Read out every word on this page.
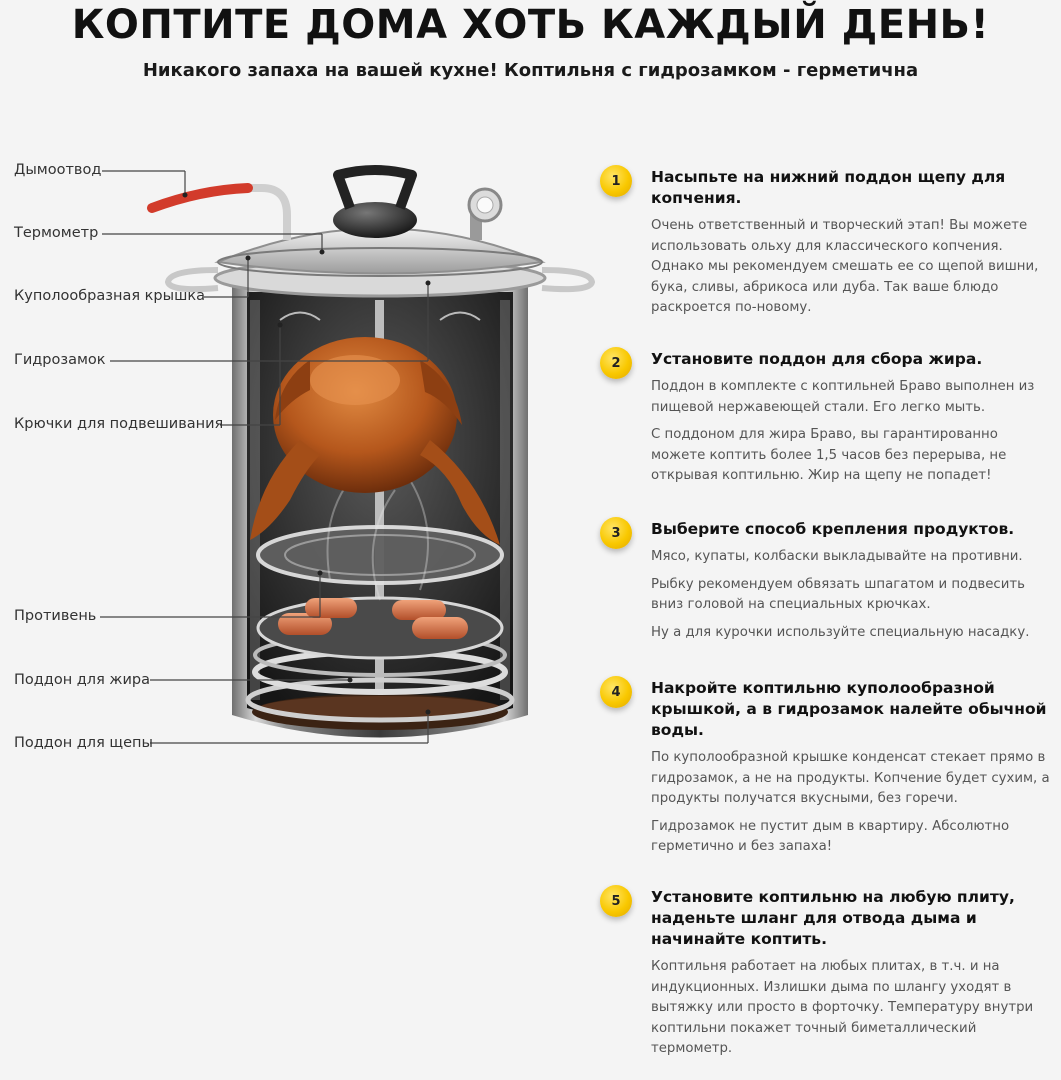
КОПТИТЕ ДОМА ХОТЬ КАЖДЫЙ ДЕНЬ!

Никакого запаха на вашей кухне! Коптильня с гидрозамком - герметична

Дымоотвод
Термометр
Куполообразная крышка
Гидрозамок
Крючки для подвешивания
Противень
Поддон для жира
Поддон для щепы
1	Насыпьте на нижний поддон щепу для копчения.
Очень ответственный и творческий этап! Вы можете использовать ольху для классического копчения. Однако мы рекомендуем смешать ее со щепой вишни, бука, сливы, абрикоса или дуба. Так ваше блюдо раскроется по-новому.
2	Установите поддон для сбора жира.
Поддон в комплекте с коптильней Браво выполнен из пищевой нержавеющей стали. Его легко мыть.
С поддоном для жира Браво, вы гарантированно можете коптить более 1,5 часов без перерыва, не открывая коптильню. Жир на щепу не попадет!
3	Выберите способ крепления продуктов.
Мясо, купаты, колбаски выкладывайте на противни.
Рыбку рекомендуем обвязать шпагатом и подвесить вниз головой на специальных крючках.
Ну а для курочки используйте специальную насадку.
4	Накройте коптильню куполообразной крышкой, а в гидрозамок налейте обычной воды.
По куполообразной крышке конденсат стекает прямо в гидрозамок, а не на продукты. Копчение будет сухим, а продукты получатся вкусными, без горечи.
Гидрозамок не пустит дым в квартиру. Абсолютно герметично и без запаха!
5	Установите коптильню на любую плиту, наденьте шланг для отвода дыма и начинайте коптить.
Коптильня работает на любых плитах, в т.ч. и на индукционных. Излишки дыма по шлангу уходят в вытяжку или просто в форточку. Температуру внутри коптильни покажет точный биметаллический термометр.
